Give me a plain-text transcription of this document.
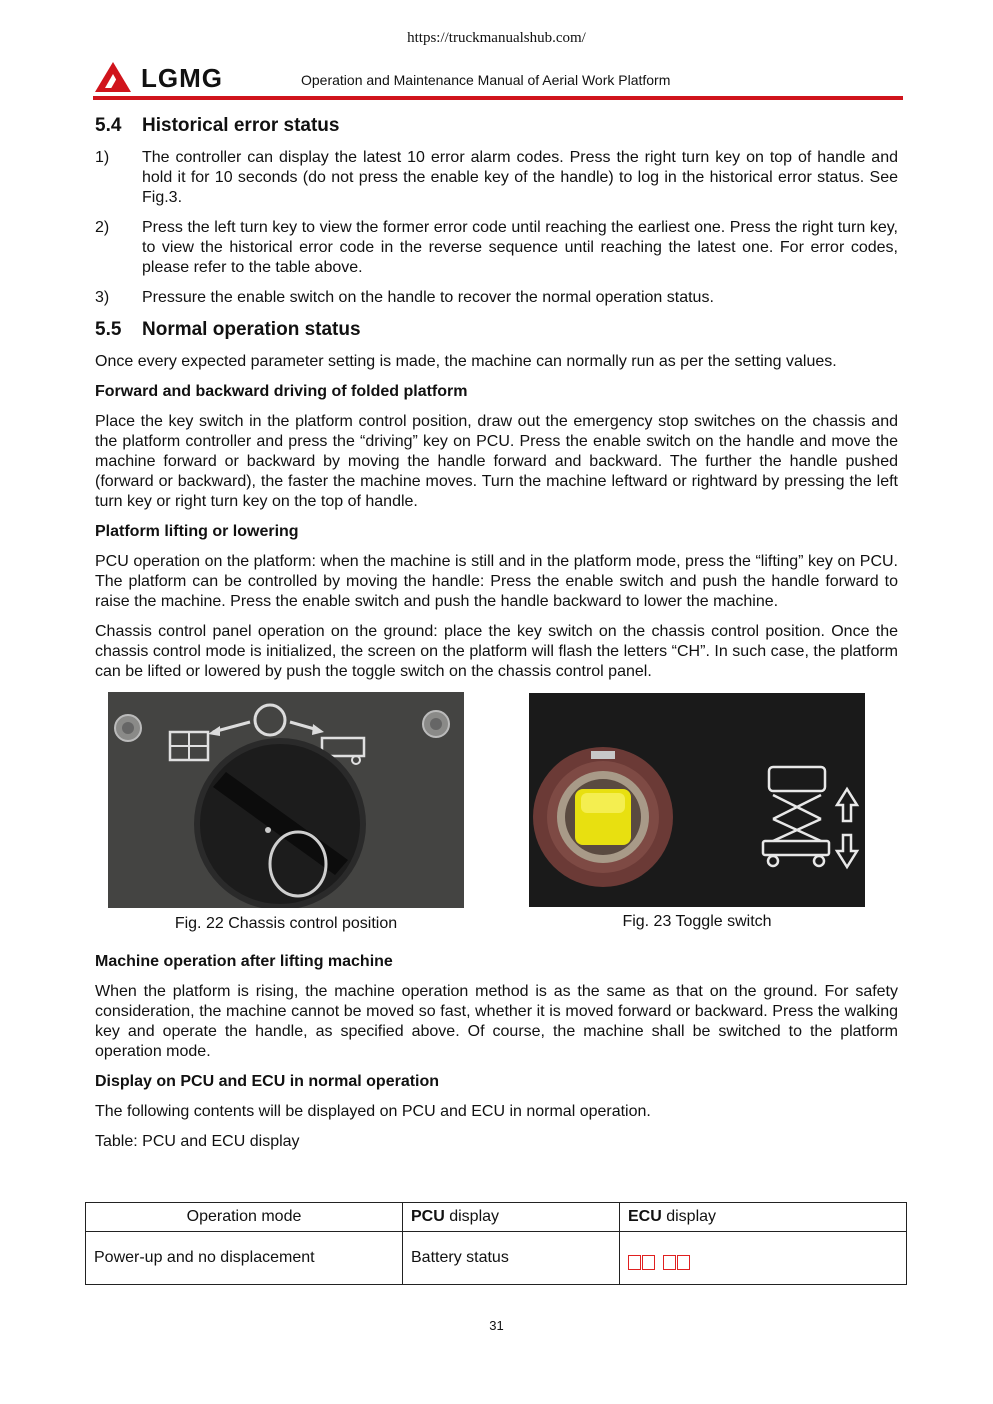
https://truckmanualshub.com/
LGMG	Operation and Maintenance Manual of Aerial Work Platform
5.4 Historical error status
1)	The controller can display the latest 10 error alarm codes. Press the right turn key on top of handle and hold it for 10 seconds (do not press the enable key of the handle) to log in the historical error status. See Fig.3.
2)	Press the left turn key to view the former error code until reaching the earliest one. Press the right turn key, to view the historical error code in the reverse sequence until reaching the latest one. For error codes, please refer to the table above.
3)	Pressure the enable switch on the handle to recover the normal operation status.
5.5 Normal operation status

Once every expected parameter setting is made, the machine can normally run as per the setting values.

Forward and backward driving of folded platform

Place the key switch in the platform control position, draw out the emergency stop switches on the chassis and the platform controller and press the “driving” key on PCU. Press the enable switch on the handle and move the machine forward or backward by moving the handle forward and backward. The further the handle pushed (forward or backward), the faster the machine moves. Turn the machine leftward or rightward by pressing the left turn key or right turn key on the top of handle.

Platform lifting or lowering

PCU operation on the platform: when the machine is still and in the platform mode, press the “lifting” key on PCU. The platform can be controlled by moving the handle: Press the enable switch and push the handle forward to raise the machine. Press the enable switch and push the handle backward to lower the machine.

Chassis control panel operation on the ground: place the key switch on the chassis control position. Once the chassis control mode is initialized, the screen on the platform will flash the letters “CH”. In such case, the platform can be lifted or lowered by push the toggle switch on the chassis control panel.

Fig. 22 Chassis control position	Fig. 23 Toggle switch
Machine operation after lifting machine

When the platform is rising, the machine operation method is as the same as that on the ground. For safety consideration, the machine cannot be moved so fast, whether it is moved forward or backward. Press the walking key and operate the handle, as specified above. Of course, the machine shall be switched to the platform operation mode.

Display on PCU and ECU in normal operation

The following contents will be displayed on PCU and ECU in normal operation.

Table: PCU and ECU display

Operation mode	PCU display	ECU display
Power-up and no displacement	Battery status	
31
